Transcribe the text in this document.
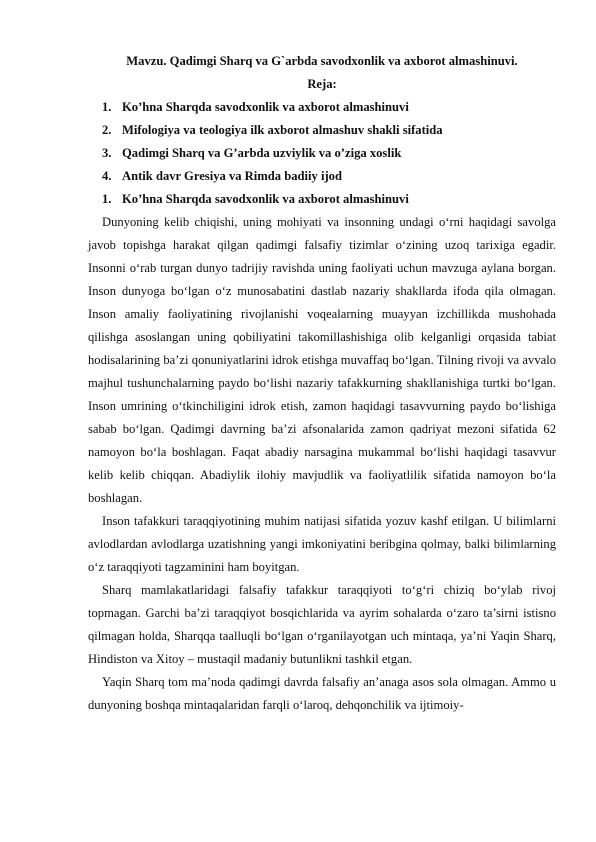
Mavzu. Qadimgi Sharq va G`arbda savodxonlik va axborot almashinuvi.

Reja:

1. Ko’hna Sharqda savodxonlik va axborot almashinuvi
2. Mifologiya va teologiya ilk axborot almashuv shakli sifatida
3. Qadimgi Sharq va G’arbda uzviylik va o’ziga xoslik
4. Antik davr Gresiya va Rimda badiiy ijod
1. Ko’hna Sharqda savodxonlik va axborot almashinuvi

Dunyoning kelib chiqishi, uning mohiyati va insonning undagi o‘rni haqidagi savolga javob topishga harakat qilgan qadimgi falsafiy tizimlar o‘zining uzoq tarixiga egadir. Insonni o‘rab turgan dunyo tadrijiy ravishda uning faoliyati uchun mavzuga aylana borgan. Inson dunyoga bo‘lgan o‘z munosabatini dastlab nazariy shakllarda ifoda qila olmagan. Inson amaliy faoliyatining rivojlanishi voqealarning muayyan izchillikda mushohada qilishga asoslangan uning qobiliyatini takomillashishiga olib kelganligi orqasida tabiat hodisalarining ba’zi qonuniyatlarini idrok etishga muvaffaq bo‘lgan. Tilning rivoji va avvalo majhul tushunchalarning paydo bo‘lishi nazariy tafakkurning shakllanishiga turtki bo‘lgan. Inson umrining o‘tkinchiligini idrok etish, zamon haqidagi tasavvurning paydo bo‘lishiga sabab bo‘lgan. Qadimgi davrning ba’zi afsonalarida zamon qadriyat mezoni sifatida 62 namoyon bo‘la boshlagan. Faqat abadiy narsagina mukammal bo‘lishi haqidagi tasavvur kelib kelib chiqqan. Abadiylik ilohiy mavjudlik va faoliyatlilik sifatida namoyon bo‘la boshlagan.

Inson tafakkuri taraqqiyotining muhim natijasi sifatida yozuv kashf etilgan. U bilimlarni avlodlardan avlodlarga uzatishning yangi imkoniyatini beribgina qolmay, balki bilimlarning o‘z taraqqiyoti tagzaminini ham boyitgan.

Sharq mamlakatlaridagi falsafiy tafakkur taraqqiyoti to‘g‘ri chiziq bo‘ylab rivoj topmagan. Garchi ba’zi taraqqiyot bosqichlarida va ayrim sohalarda o‘zaro ta’sirni istisno qilmagan holda, Sharqqa taalluqli bo‘lgan o‘rganilayotgan uch mintaqa, ya’ni Yaqin Sharq, Hindiston va Xitoy – mustaqil madaniy butunlikni tashkil etgan.

Yaqin Sharq tom ma’noda qadimgi davrda falsafiy an’anaga asos sola olmagan. Ammo u dunyoning boshqa mintaqalaridan farqli o‘laroq, dehqonchilik va ijtimoiy-
